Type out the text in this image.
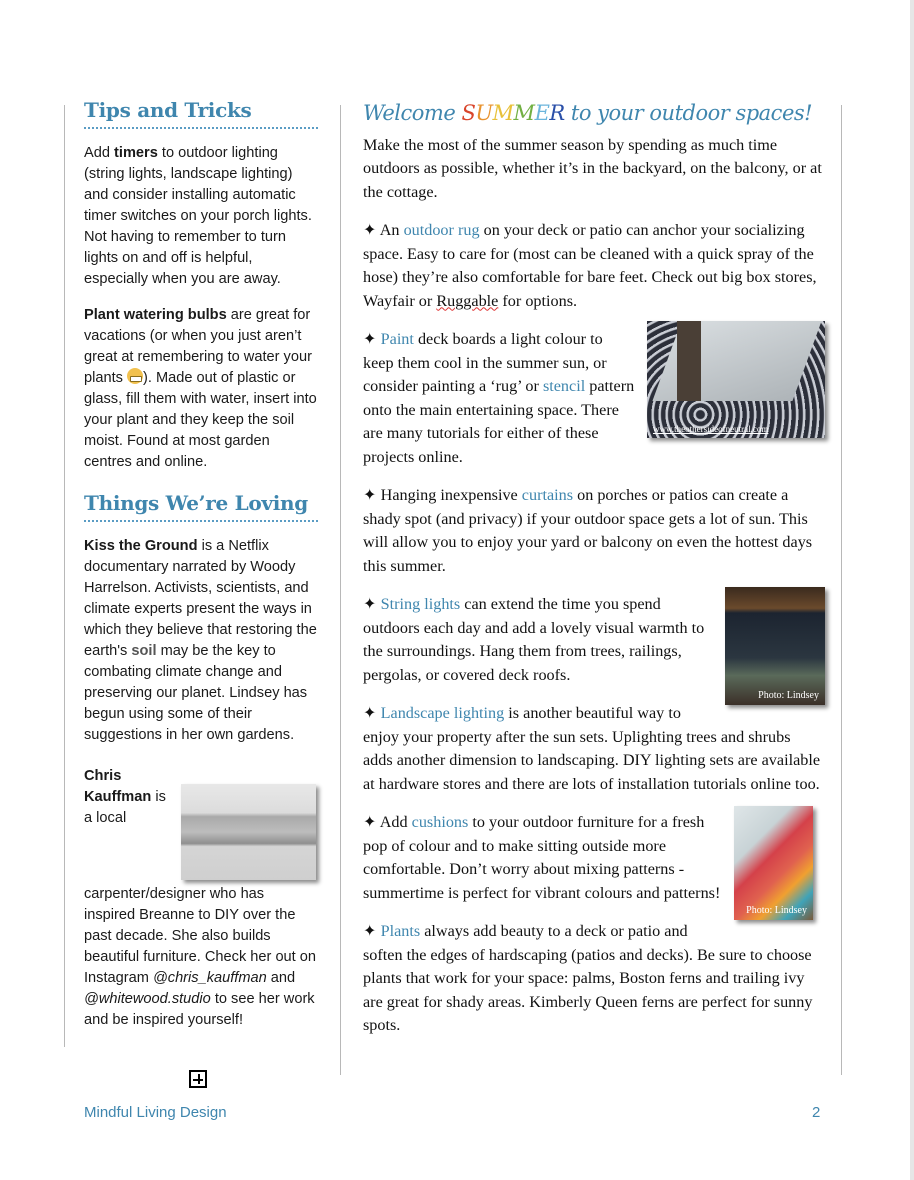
Tips and Tricks

Add timers to outdoor lighting (string lights, landscape lighting) and consider installing automatic timer switches on your porch lights. Not having to remember to turn lights on and off is helpful, especially when you are away.

Plant watering bulbs are great for vacations (or when you just aren’t great at remembering to water your plants ). Made out of plastic or glass, fill them with water, insert into your plant and they keep the soil moist. Found at most garden centres and online.

Things We’re Loving

Kiss the Ground is a Netflix documentary narrated by Woody Harrelson. Activists, scientists, and climate experts present the ways in which they believe that restoring the earth's soil may be the key to combating climate change and preserving our planet. Lindsey has begun using some of their suggestions in her own gardens.

Chris Kauffman is a local carpenter/designer who has inspired Breanne to DIY over the past decade. She also builds beautiful furniture. Check her out on Instagram @chris_kauffman and @whitewood.studio to see her work and be inspired yourself!

Welcome SUMMER to your outdoor spaces!

Make the most of the summer season by spending as much time outdoors as possible, whether it’s in the backyard, on the balcony, or at the cottage.

✦ An outdoor rug on your deck or patio can anchor your socializing space. Easy to care for (most can be cleaned with a quick spray of the hose) they’re also comfortable for bare feet. Check out big box stores, Wayfair or Ruggable for options.

www.theothersideofneutral.com
✦ Paint deck boards a light colour to keep them cool in the summer sun, or consider painting a ‘rug’ or stencil pattern onto the main entertaining space. There are many tutorials for either of these projects online.

✦ Hanging inexpensive curtains on porches or patios can create a shady spot (and privacy) if your outdoor space gets a lot of sun. This will allow you to enjoy your yard or balcony on even the hottest days this summer.

Photo: Lindsey
✦ String lights can extend the time you spend outdoors each day and add a lovely visual warmth to the surroundings. Hang them from trees, railings, pergolas, or covered deck roofs.

✦ Landscape lighting is another beautiful way to enjoy your property after the sun sets. Uplighting trees and shrubs adds another dimension to landscaping. DIY lighting sets are available at hardware stores and there are lots of installation tutorials online too.

Photo: Lindsey
✦ Add cushions to your outdoor furniture for a fresh pop of colour and to make sitting outside more comfortable. Don’t worry about mixing patterns - summertime is perfect for vibrant colours and patterns!

✦ Plants always add beauty to a deck or patio and soften the edges of hardscaping (patios and decks). Be sure to choose plants that work for your space: palms, Boston ferns and trailing ivy are great for shady areas. Kimberly Queen ferns are perfect for sunny spots.

Mindful Living Design	2
